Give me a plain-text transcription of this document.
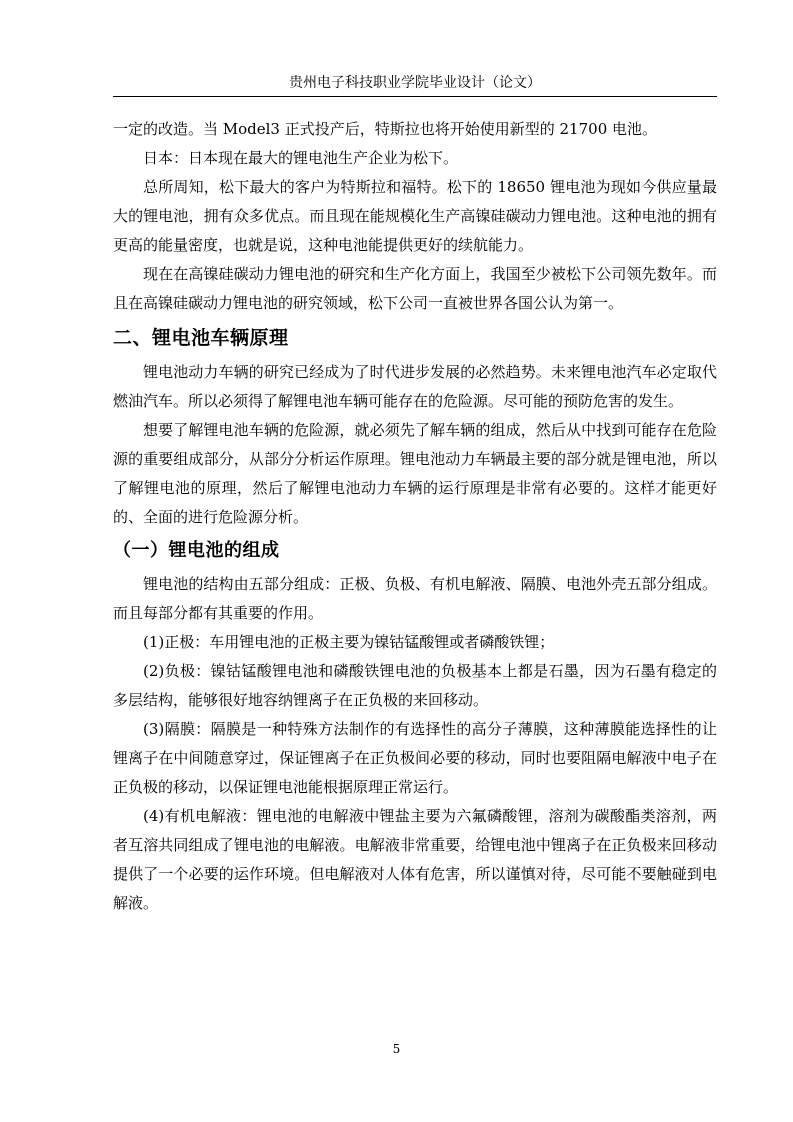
贵州电子科技职业学院毕业设计（论文）

一定的改造。当 Model3 正式投产后，特斯拉也将开始使用新型的 21700 电池。

日本：日本现在最大的锂电池生产企业为松下。

总所周知，松下最大的客户为特斯拉和福特。松下的 18650 锂电池为现如今供应量最大的锂电池，拥有众多优点。而且现在能规模化生产高镍硅碳动力锂电池。这种电池的拥有更高的能量密度，也就是说，这种电池能提供更好的续航能力。

现在在高镍硅碳动力锂电池的研究和生产化方面上，我国至少被松下公司领先数年。而且在高镍硅碳动力锂电池的研究领域，松下公司一直被世界各国公认为第一。

二、锂电池车辆原理

锂电池动力车辆的研究已经成为了时代进步发展的必然趋势。未来锂电池汽车必定取代燃油汽车。所以必须得了解锂电池车辆可能存在的危险源。尽可能的预防危害的发生。

想要了解锂电池车辆的危险源，就必须先了解车辆的组成，然后从中找到可能存在危险源的重要组成部分，从部分分析运作原理。锂电池动力车辆最主要的部分就是锂电池，所以了解锂电池的原理，然后了解锂电池动力车辆的运行原理是非常有必要的。这样才能更好的、全面的进行危险源分析。

（一）锂电池的组成

锂电池的结构由五部分组成：正极、负极、有机电解液、隔膜、电池外壳五部分组成。而且每部分都有其重要的作用。

(1)正极：车用锂电池的正极主要为镍钴锰酸锂或者磷酸铁锂；

(2)负极：镍钴锰酸锂电池和磷酸铁锂电池的负极基本上都是石墨，因为石墨有稳定的多层结构，能够很好地容纳锂离子在正负极的来回移动。

(3)隔膜：隔膜是一种特殊方法制作的有选择性的高分子薄膜，这种薄膜能选择性的让锂离子在中间随意穿过，保证锂离子在正负极间必要的移动，同时也要阻隔电解液中电子在正负极的移动，以保证锂电池能根据原理正常运行。

(4)有机电解液：锂电池的电解液中锂盐主要为六氟磷酸锂，溶剂为碳酸酯类溶剂，两者互溶共同组成了锂电池的电解液。电解液非常重要，给锂电池中锂离子在正负极来回移动提供了一个必要的运作环境。但电解液对人体有危害，所以谨慎对待，尽可能不要触碰到电解液。

5
